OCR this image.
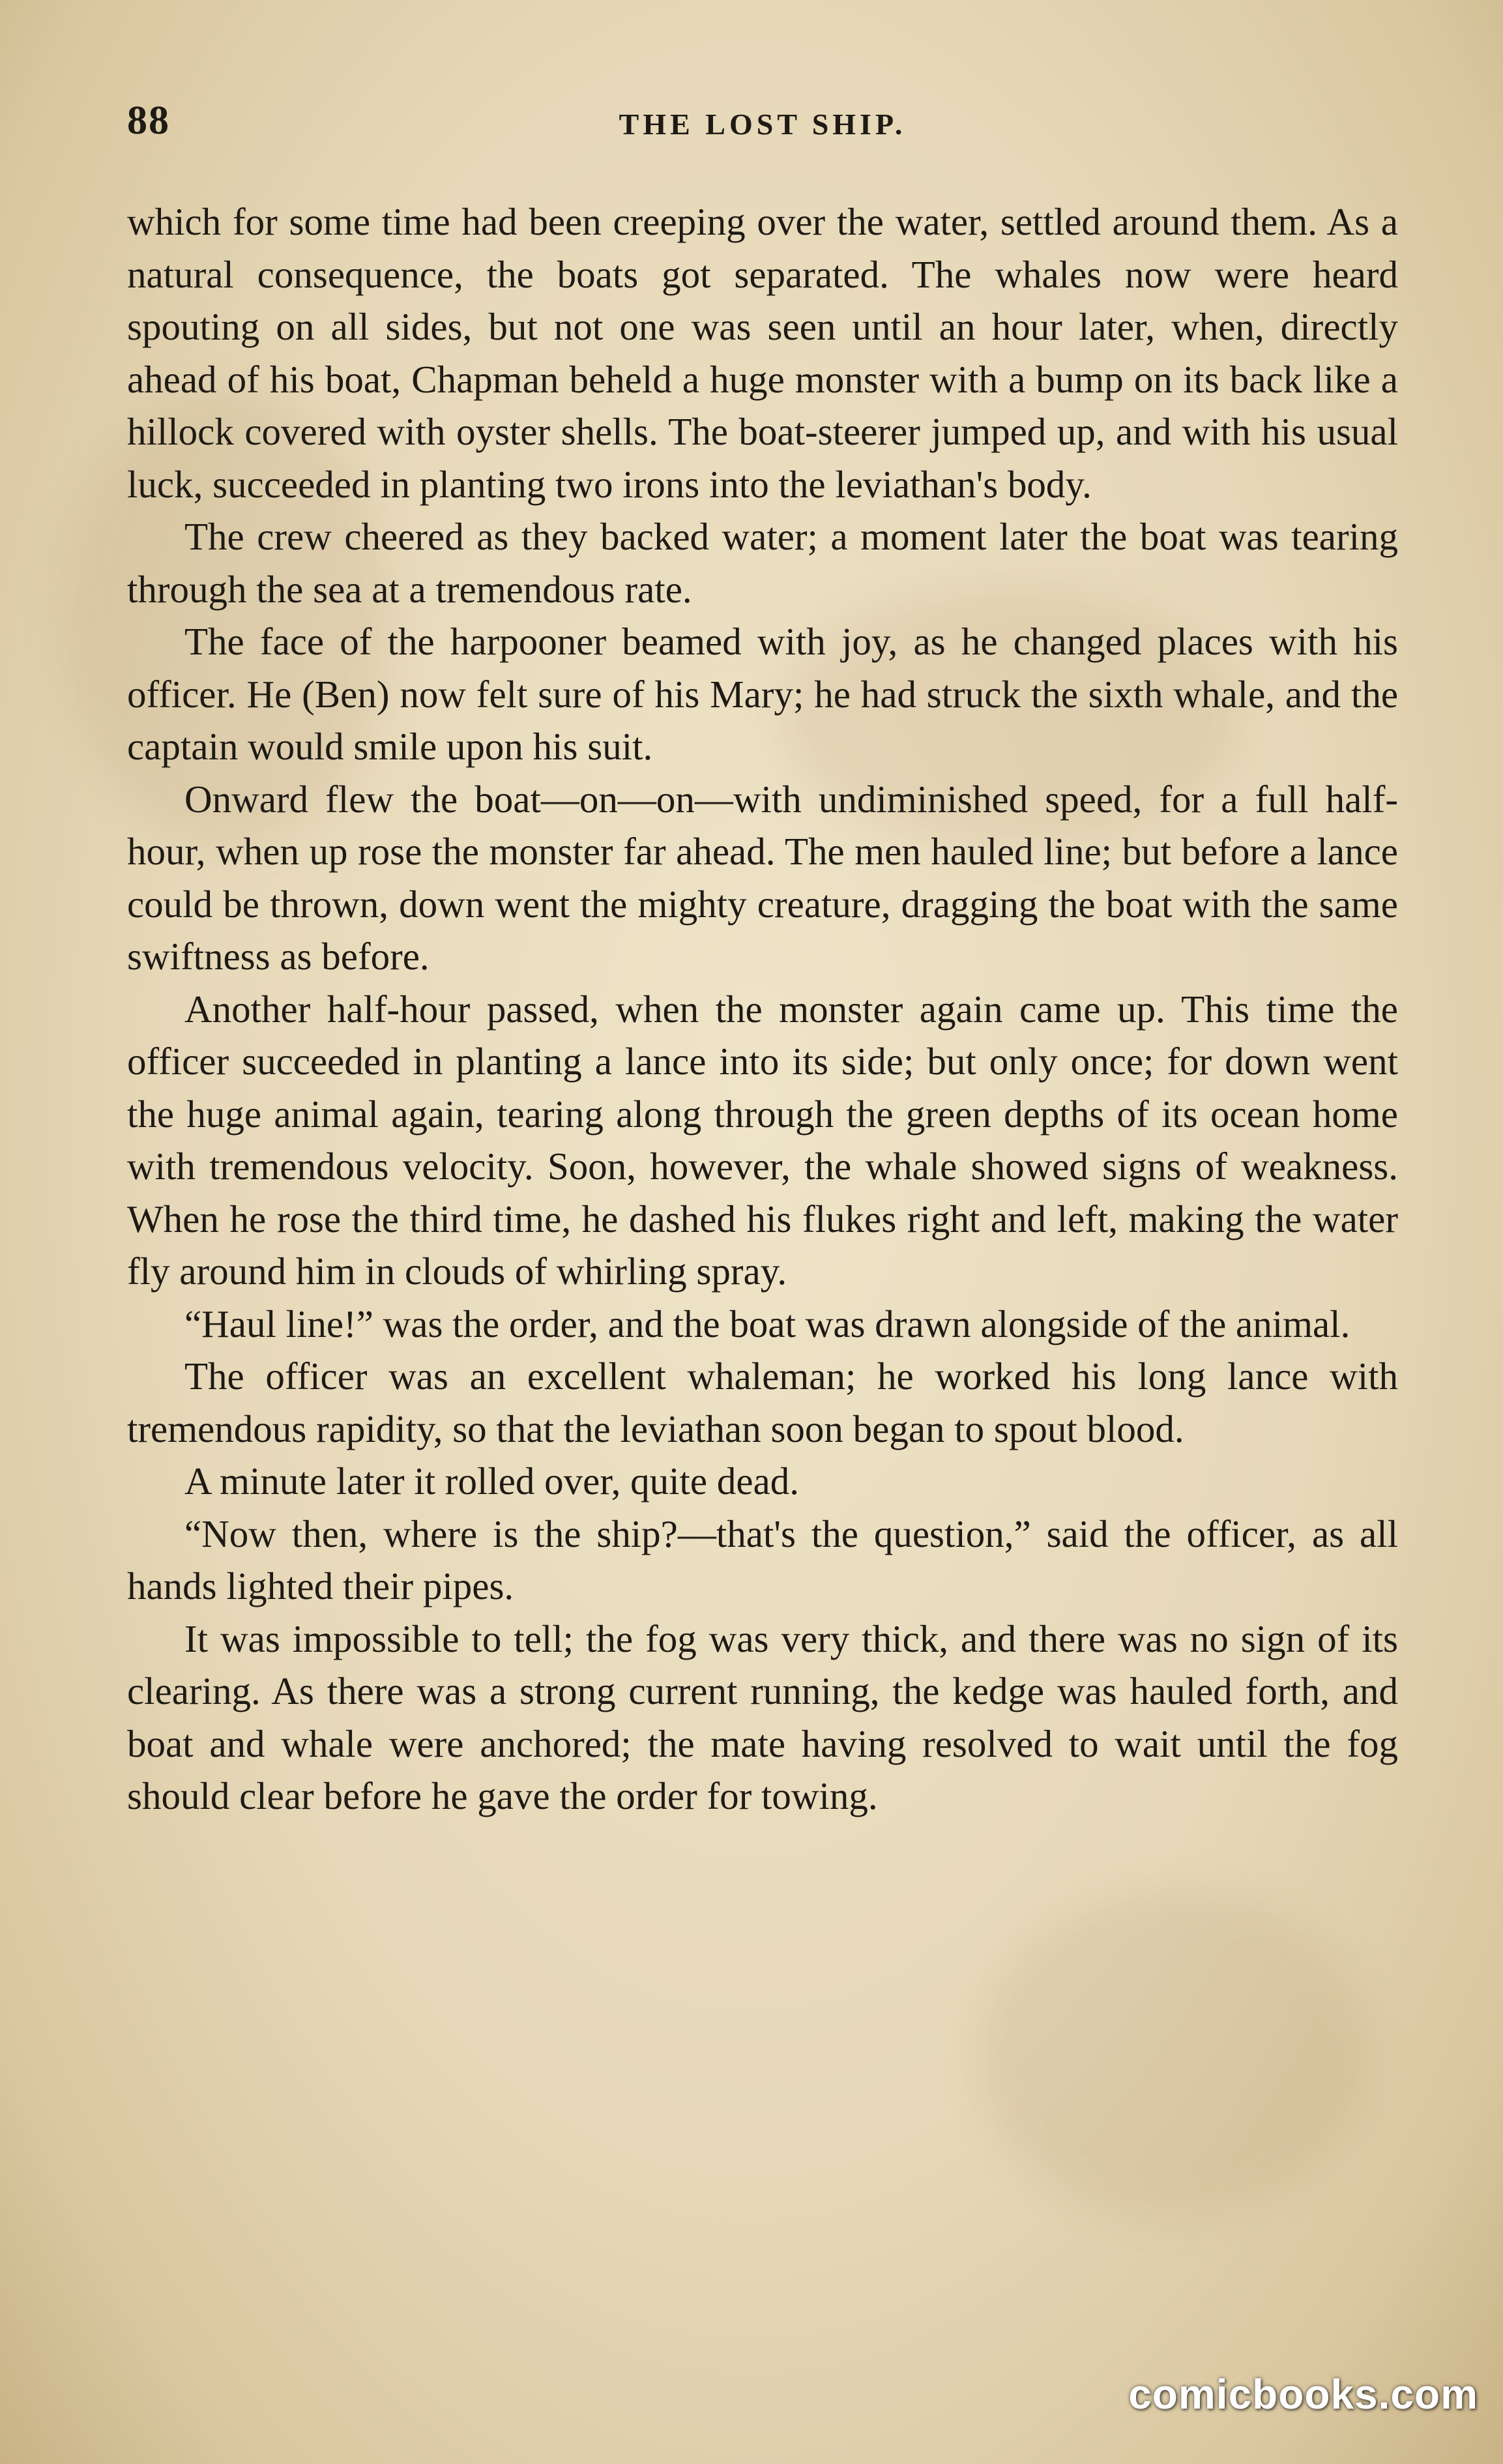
88	THE LOST SHIP.

which for some time had been creeping over the water, settled around them. As a natural consequence, the boats got separated. The whales now were heard spouting on all sides, but not one was seen until an hour later, when, directly ahead of his boat, Chapman beheld a huge monster with a bump on its back like a hillock covered with oyster shells. The boat-steerer jumped up, and with his usual luck, succeeded in planting two irons into the leviathan's body.

The crew cheered as they backed water; a moment later the boat was tearing through the sea at a tremendous rate.

The face of the harpooner beamed with joy, as he changed places with his officer. He (Ben) now felt sure of his Mary; he had struck the sixth whale, and the captain would smile upon his suit.

Onward flew the boat—on—on—with undiminished speed, for a full half-hour, when up rose the monster far ahead. The men hauled line; but before a lance could be thrown, down went the mighty creature, dragging the boat with the same swiftness as before.

Another half-hour passed, when the monster again came up. This time the officer succeeded in planting a lance into its side; but only once; for down went the huge animal again, tearing along through the green depths of its ocean home with tremendous velocity. Soon, however, the whale showed signs of weakness. When he rose the third time, he dashed his flukes right and left, making the water fly around him in clouds of whirling spray.

“Haul line!” was the order, and the boat was drawn alongside of the animal.

The officer was an excellent whaleman; he worked his long lance with tremendous rapidity, so that the leviathan soon began to spout blood.

A minute later it rolled over, quite dead.

“Now then, where is the ship?—that's the question,” said the officer, as all hands lighted their pipes.

It was impossible to tell; the fog was very thick, and there was no sign of its clearing. As there was a strong current running, the kedge was hauled forth, and boat and whale were anchored; the mate having resolved to wait until the fog should clear before he gave the order for towing.

comicbooks.com
